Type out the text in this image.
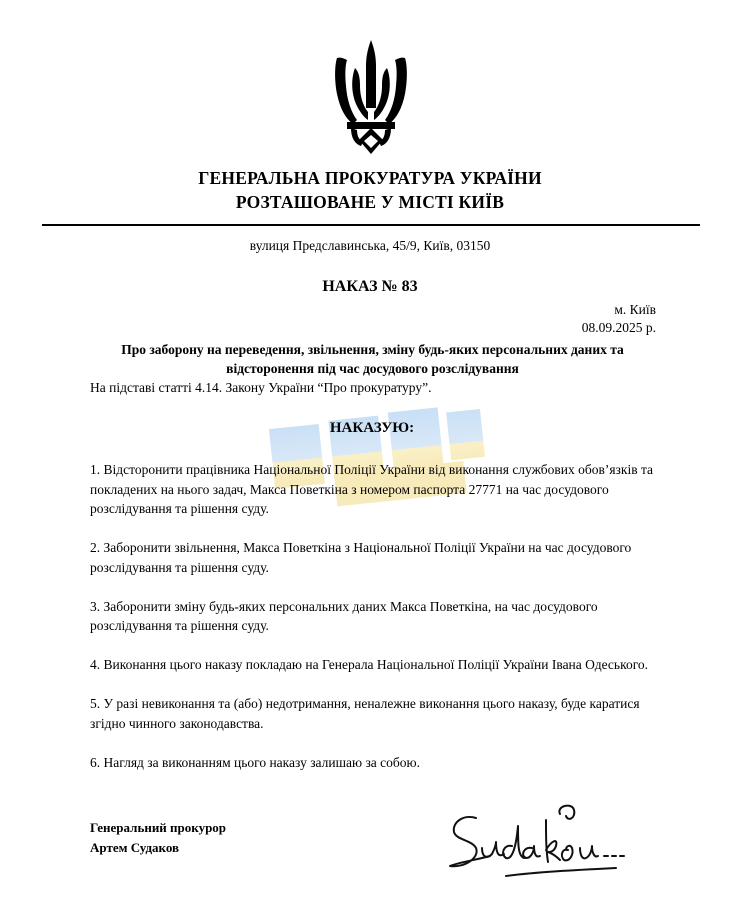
ГЕНЕРАЛЬНА ПРОКУРАТУРА УКРАЇНИ
РОЗТАШОВАНЕ У МІСТІ КИЇВ
вулиця Предславинська, 45/9, Київ, 03150
НАКАЗ № 83
м. Київ
08.09.2025 р.
Про заборону на переведення, звільнення, зміну будь-яких персональних даних та відсторонення під час досудового розслідування
На підставі статті 4.14. Закону України “Про прокуратуру”.
НАКАЗУЮ:

1. Відсторонити працівника Національної Поліції України від виконання службових обов’язків та покладених на нього задач, Макса Поветкіна з номером паспорта 27771 на час досудового розслідування та рішення суду.

2. Заборонити звільнення, Макса Поветкіна з Національної Поліції України на час досудового розслідування та рішення суду.

3. Заборонити зміну будь-яких персональних даних Макса Поветкіна, на час досудового розслідування та рішення суду.

4. Виконання цього наказу покладаю на Генерала Національної Поліції України Івана Одеського.

5. У разі невиконання та (або) недотримання, неналежне виконання цього наказу, буде каратися згідно чинного законодавства.

6. Нагляд за виконанням цього наказу залишаю за собою.

Генеральний прокурор
Артем Судаков
